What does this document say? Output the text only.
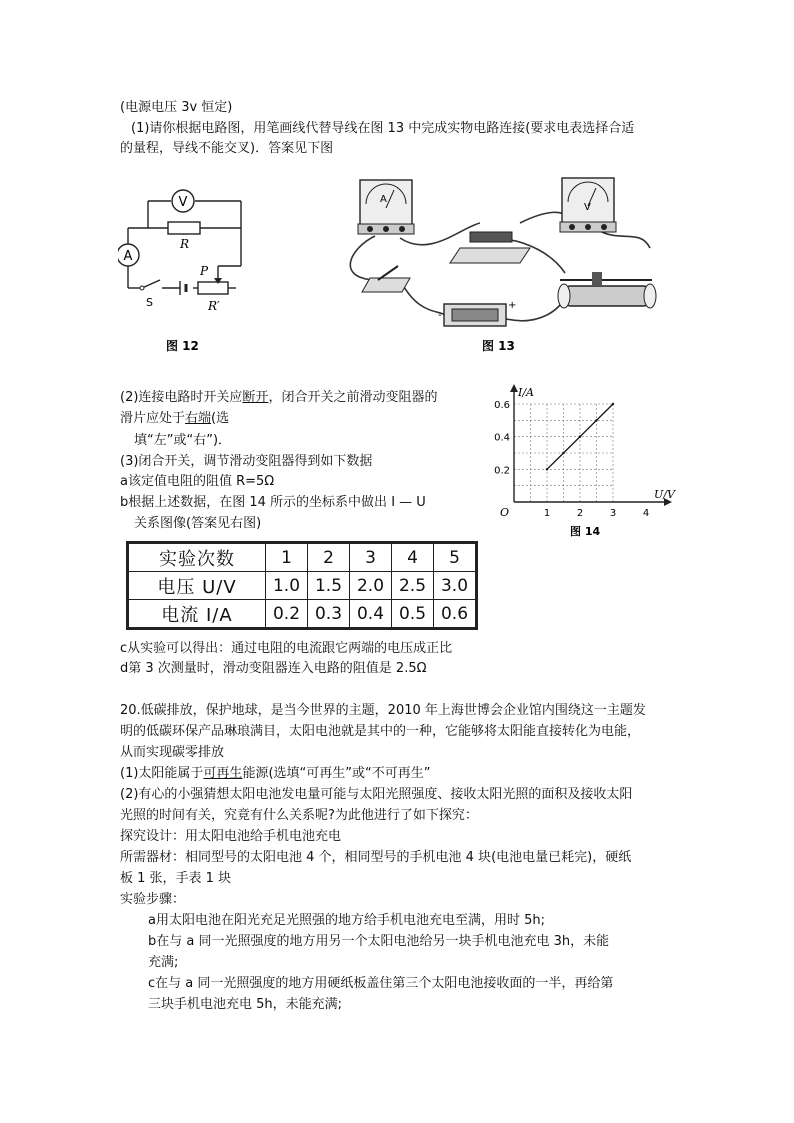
(电源电压 3v 恒定)
(1)请你根据电路图，用笔画线代替导线在图 13 中完成实物电路连接(要求电表选择合适
的量程，导线不能交叉)．答案见下图
V
A
R
P
R′
S
图 12
A
V
-
+
图 13
(2)连接电路时开关应断开，闭合开关之前滑动变阻器的
滑片应处于右端(选
填“左”或“右”)．
(3)闭合开关，调节滑动变阻器得到如下数据
a该定值电阻的阻值 R=5Ω
b根据上述数据，在图 14 所示的坐标系中做出 I — U
关系图像(答案见右图)
I/A
U/V
O	1	2	3	4
0.2
0.4
0.6
图 14
实验次数	1	2	3	4	5
电压 U/V	1.0	1.5	2.0	2.5	3.0
电流 I/A	0.2	0.3	0.4	0.5	0.6
c从实验可以得出：通过电阻的电流跟它两端的电压成正比
d第 3 次测量时，滑动变阻器连入电路的阻值是 2.5Ω
20.低碳排放，保护地球，是当今世界的主题，2010 年上海世博会企业馆内围绕这一主题发
明的低碳环保产品琳琅满目，太阳电池就是其中的一种，它能够将太阳能直接转化为电能，
从而实现碳零排放
(1)太阳能属于可再生能源(选填“可再生”或“不可再生”
(2)有心的小强猜想太阳电池发电量可能与太阳光照强度、接收太阳光照的面积及接收太阳
光照的时间有关，究竟有什么关系呢?为此他进行了如下探究：
探究设计：用太阳电池给手机电池充电
所需器材：相同型号的太阳电池 4 个，相同型号的手机电池 4 块(电池电量已耗完)，硬纸
板 1 张，手表 1 块
实验步骤：
a用太阳电池在阳光充足光照强的地方给手机电池充电至满，用时 5h;
b在与 a 同一光照强度的地方用另一个太阳电池给另一块手机电池充电 3h，未能
充满;
c在与 a 同一光照强度的地方用硬纸板盖住第三个太阳电池接收面的一半，再给第
三块手机电池充电 5h，未能充满;
